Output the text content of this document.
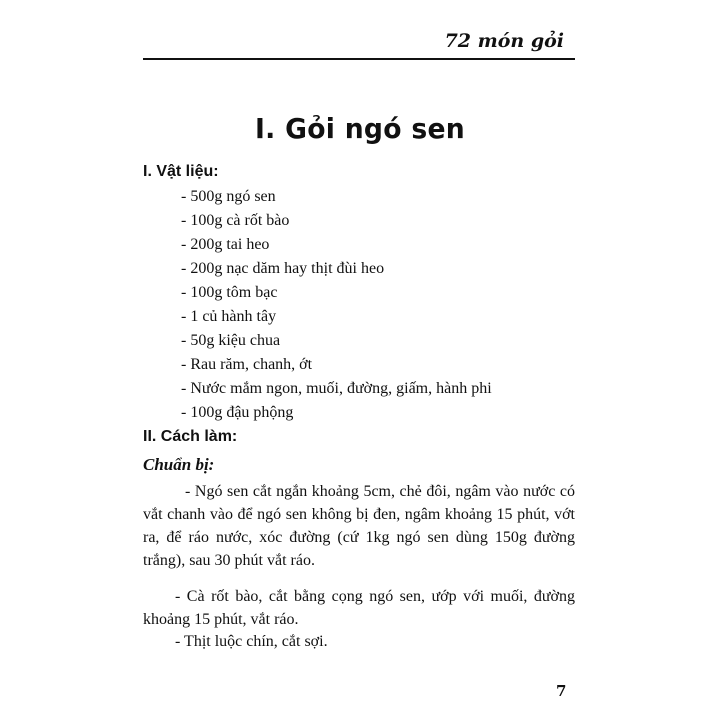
72 món gỏi
I. Gỏi ngó sen
I. Vật liệu:
- 500g ngó sen
- 100g cà rốt bào
- 200g tai heo
- 200g nạc dăm hay thịt đùi heo
- 100g tôm bạc
- 1 củ hành tây
- 50g kiệu chua
- Rau răm, chanh, ớt
- Nước mắm ngon, muối, đường, giấm, hành phi
- 100g đậu phộng
II. Cách làm:
Chuẩn bị:

- Ngó sen cắt ngắn khoảng 5cm, chẻ đôi, ngâm vào nước có vắt chanh vào để ngó sen không bị đen, ngâm khoảng 15 phút, vớt ra, để ráo nước, xóc đường (cứ 1kg ngó sen dùng 150g đường trắng), sau 30 phút vắt ráo.

- Cà rốt bào, cắt bằng cọng ngó sen, ướp với muối, đường khoảng 15 phút, vắt ráo.

- Thịt luộc chín, cắt sợi.

7
